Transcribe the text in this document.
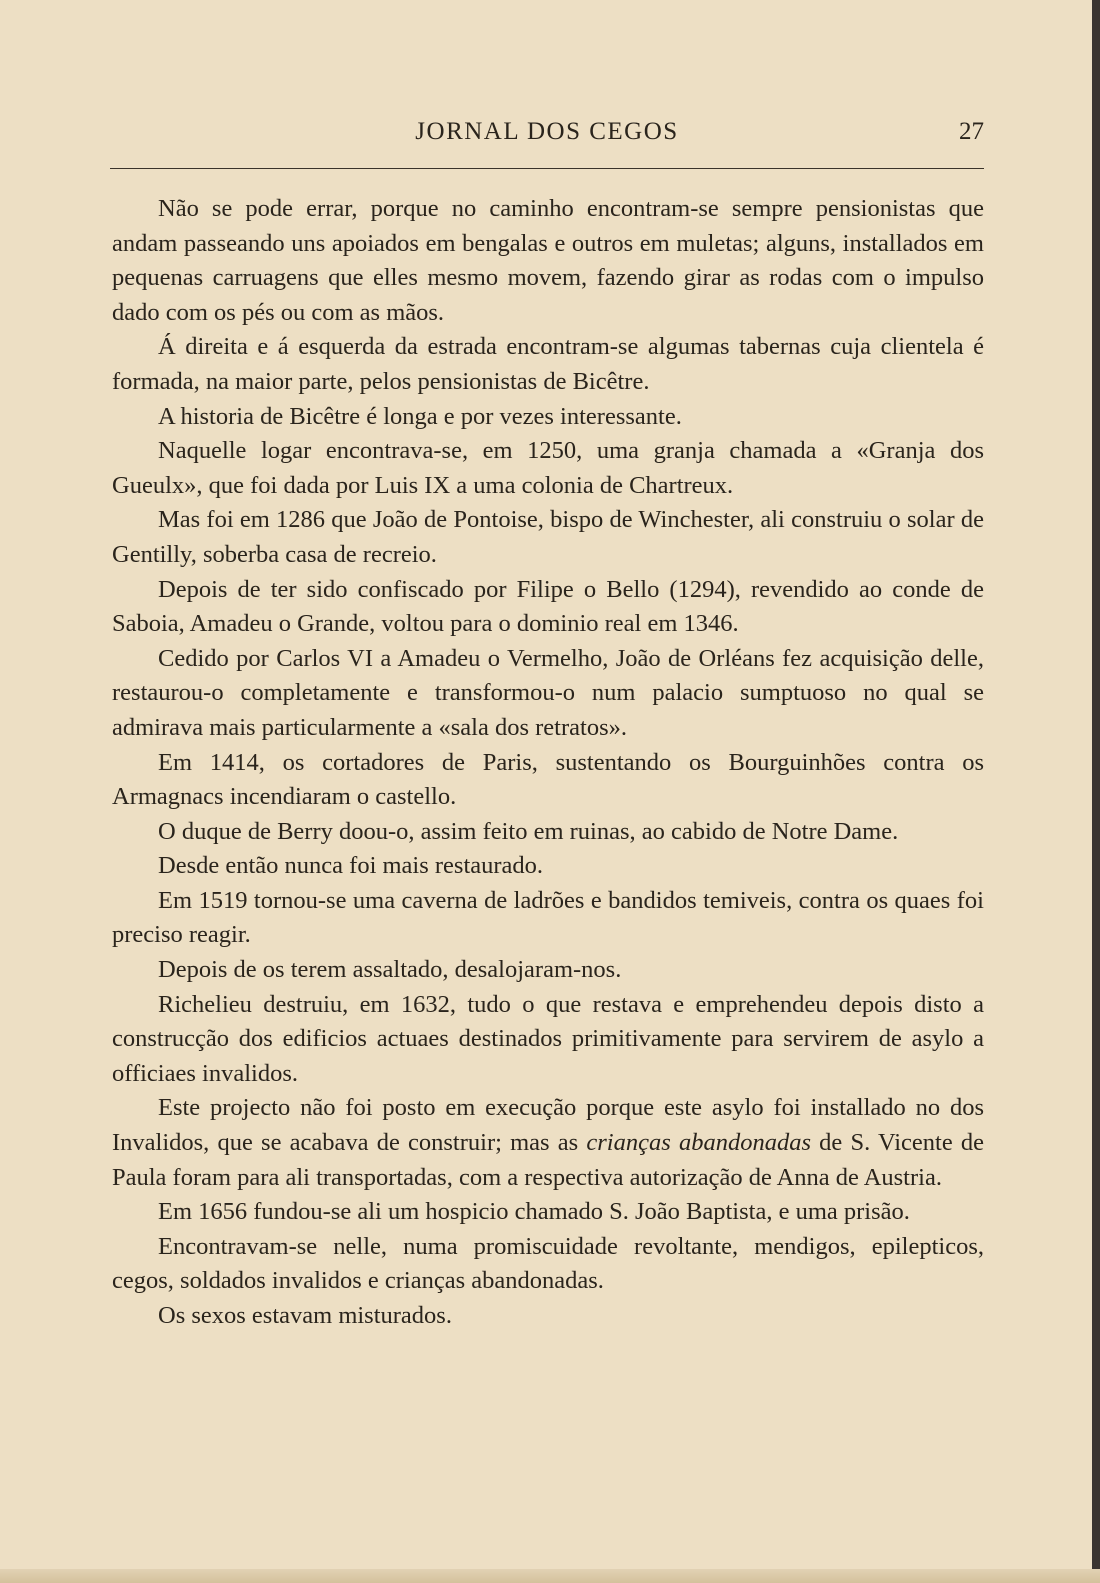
JORNAL DOS CEGOS	27

Não se pode errar, porque no caminho encontram-se sempre pensionistas que andam passeando uns apoiados em bengalas e outros em muletas; alguns, installados em pequenas carruagens que elles mesmo movem, fazendo girar as rodas com o impulso dado com os pés ou com as mãos.

Á direita e á esquerda da estrada encontram-se algumas tabernas cuja clientela é formada, na maior parte, pelos pensionistas de Bicêtre.

A historia de Bicêtre é longa e por vezes interessante.

Naquelle logar encontrava-se, em 1250, uma granja chamada a «Granja dos Gueulx», que foi dada por Luis IX a uma colonia de Chartreux.

Mas foi em 1286 que João de Pontoise, bispo de Winchester, ali construiu o solar de Gentilly, soberba casa de recreio.

Depois de ter sido confiscado por Filipe o Bello (1294), revendido ao conde de Saboia, Amadeu o Grande, voltou para o dominio real em 1346.

Cedido por Carlos VI a Amadeu o Vermelho, João de Orléans fez acquisição delle, restaurou-o completamente e transformou-o num palacio sumptuoso no qual se admirava mais particularmente a «sala dos retratos».

Em 1414, os cortadores de Paris, sustentando os Bourguinhões contra os Armagnacs incendiaram o castello.

O duque de Berry doou-o, assim feito em ruinas, ao cabido de Notre Dame.

Desde então nunca foi mais restaurado.

Em 1519 tornou-se uma caverna de ladrões e bandidos temiveis, contra os quaes foi preciso reagir.

Depois de os terem assaltado, desalojaram-nos.

Richelieu destruiu, em 1632, tudo o que restava e emprehendeu depois disto a construcção dos edificios actuaes destinados primitivamente para servirem de asylo a officiaes invalidos.

Este projecto não foi posto em execução porque este asylo foi installado no dos Invalidos, que se acabava de construir; mas as crianças abandonadas de S. Vicente de Paula foram para ali transportadas, com a respectiva autorização de Anna de Austria.

Em 1656 fundou-se ali um hospicio chamado S. João Baptista, e uma prisão.

Encontravam-se nelle, numa promiscuidade revoltante, mendigos, epilepticos, cegos, soldados invalidos e crianças abandonadas.

Os sexos estavam misturados.
